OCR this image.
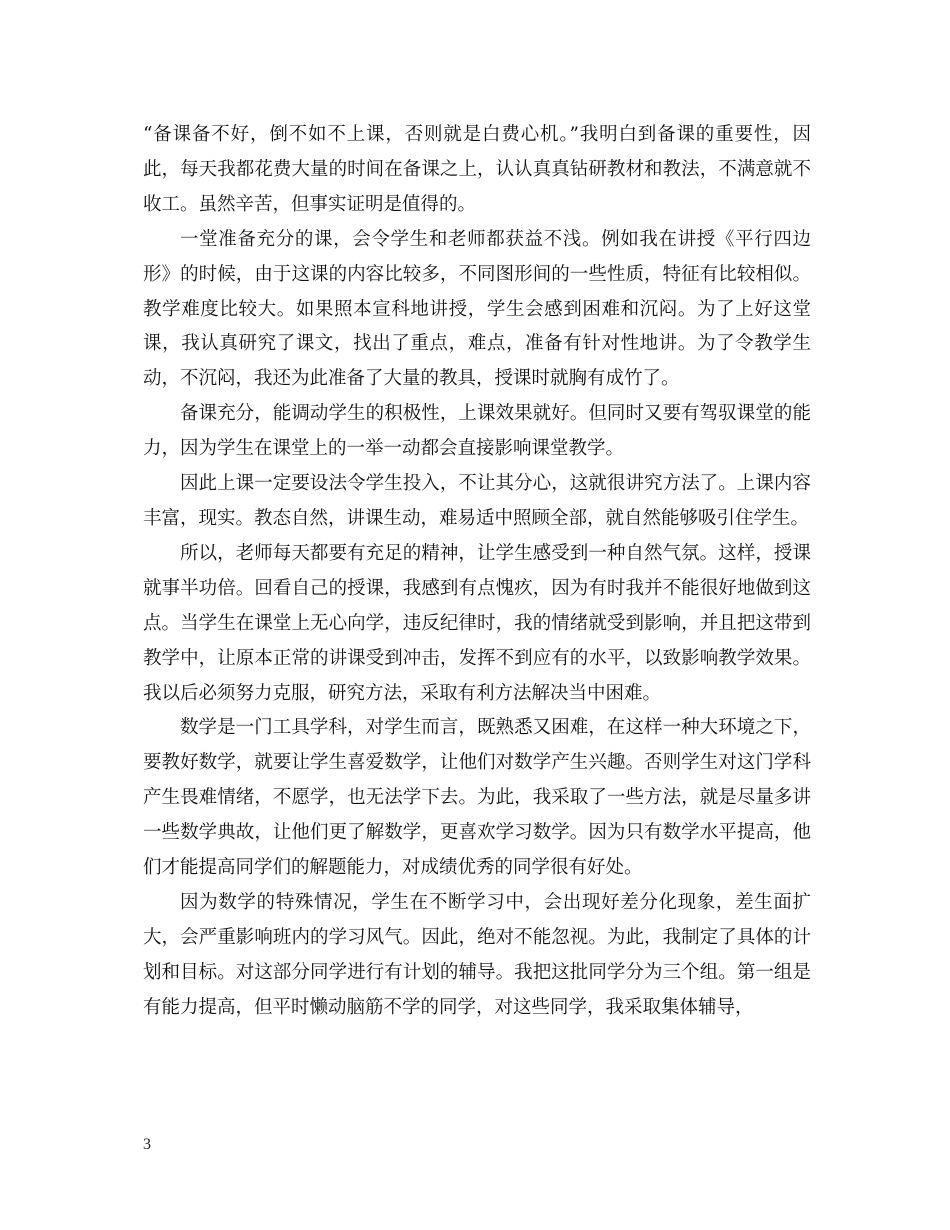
“备课备不好，倒不如不上课，否则就是白费心机。”我明白到备课的重要性，因此，每天我都花费大量的时间在备课之上，认认真真钻研教材和教法，不满意就不收工。虽然辛苦，但事实证明是值得的。

一堂准备充分的课，会令学生和老师都获益不浅。例如我在讲授《平行四边形》的时候，由于这课的内容比较多，不同图形间的一些性质，特征有比较相似。教学难度比较大。如果照本宣科地讲授，学生会感到困难和沉闷。为了上好这堂课，我认真研究了课文，找出了重点，难点，准备有针对性地讲。为了令教学生动，不沉闷，我还为此准备了大量的教具，授课时就胸有成竹了。

备课充分，能调动学生的积极性，上课效果就好。但同时又要有驾驭课堂的能力，因为学生在课堂上的一举一动都会直接影响课堂教学。

因此上课一定要设法令学生投入，不让其分心，这就很讲究方法了。上课内容丰富，现实。教态自然，讲课生动，难易适中照顾全部，就自然能够吸引住学生。

所以，老师每天都要有充足的精神，让学生感受到一种自然气氛。这样，授课就事半功倍。回看自己的授课，我感到有点愧疚，因为有时我并不能很好地做到这点。当学生在课堂上无心向学，违反纪律时，我的情绪就受到影响，并且把这带到教学中，让原本正常的讲课受到冲击，发挥不到应有的水平，以致影响教学效果。我以后必须努力克服，研究方法，采取有利方法解决当中困难。

数学是一门工具学科，对学生而言，既熟悉又困难，在这样一种大环境之下，要教好数学，就要让学生喜爱数学，让他们对数学产生兴趣。否则学生对这门学科产生畏难情绪，不愿学，也无法学下去。为此，我采取了一些方法，就是尽量多讲一些数学典故，让他们更了解数学，更喜欢学习数学。因为只有数学水平提高，他们才能提高同学们的解题能力，对成绩优秀的同学很有好处。

因为数学的特殊情况，学生在不断学习中，会出现好差分化现象，差生面扩大，会严重影响班内的学习风气。因此，绝对不能忽视。为此，我制定了具体的计划和目标。对这部分同学进行有计划的辅导。我把这批同学分为三个组。第一组是有能力提高，但平时懒动脑筋不学的同学，对这些同学，我采取集体辅导，

3
